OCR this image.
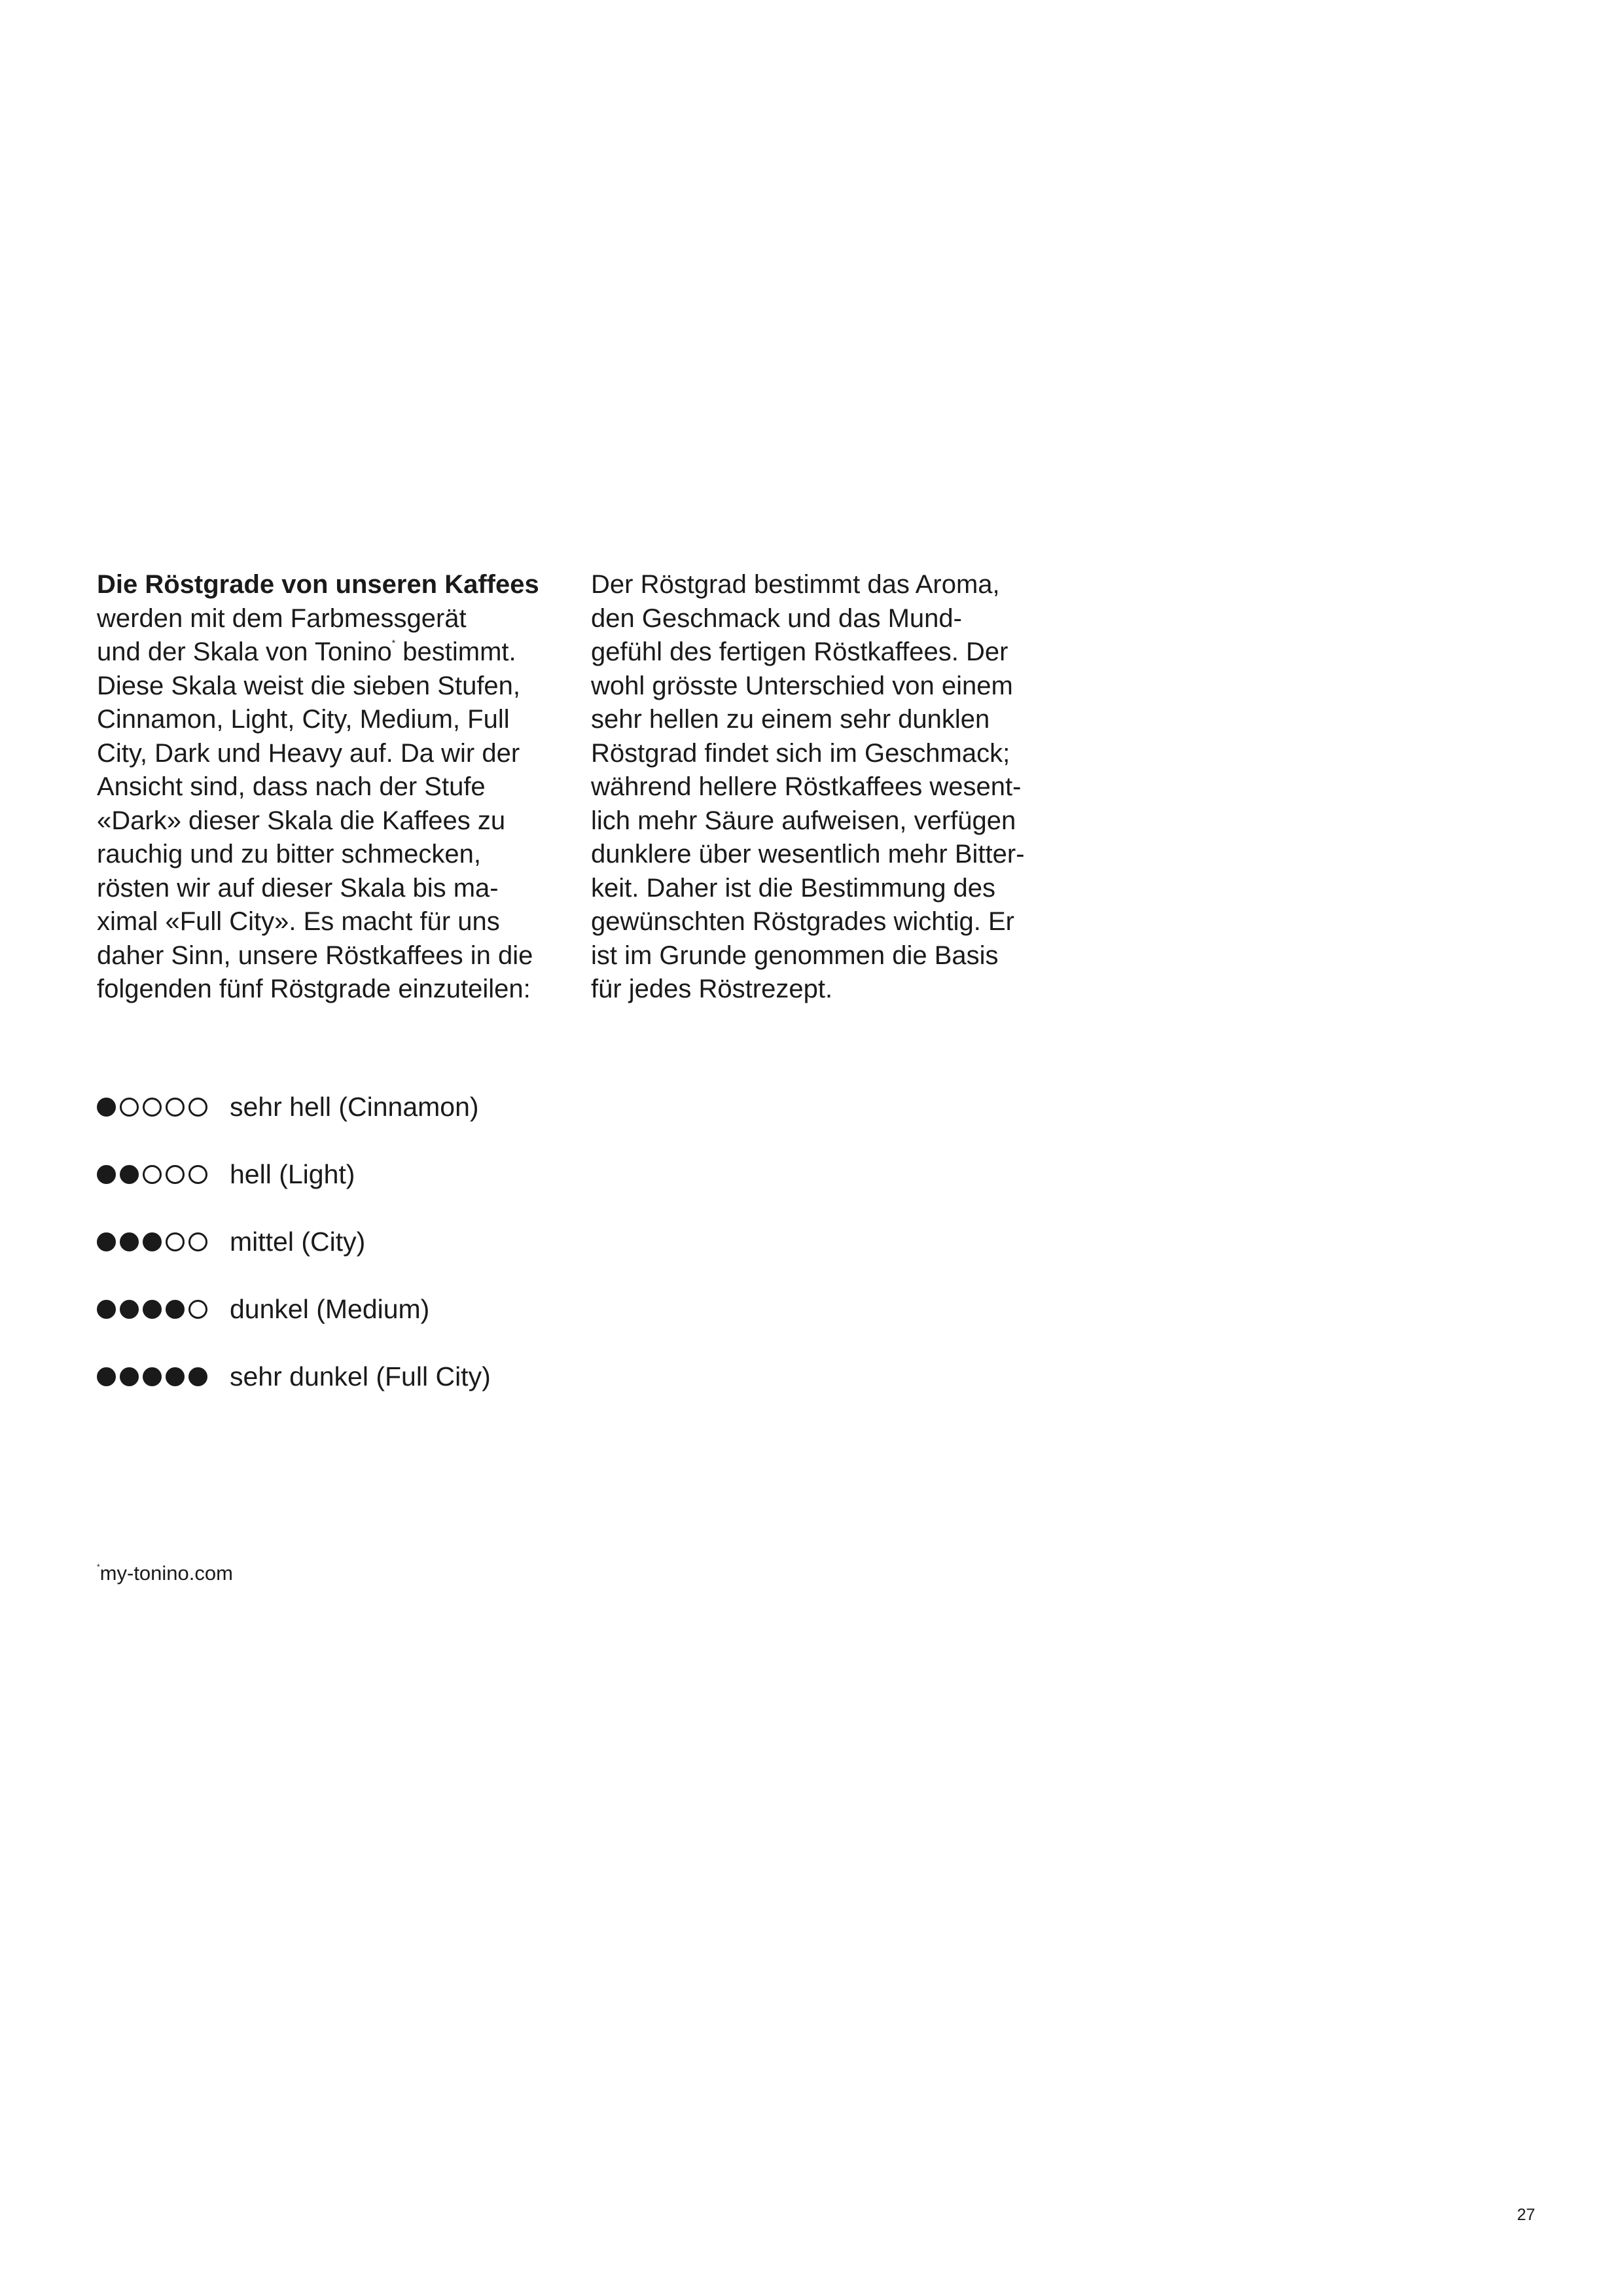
Die Röstgrade von unseren Kaffees
werden mit dem Farbmessgerät
und der Skala von Tonino* bestimmt.
Diese Skala weist die sieben Stufen,
Cinnamon, Light, City, Medium, Full
City, Dark und Heavy auf. Da wir der
Ansicht sind, dass nach der Stufe
«Dark» dieser Skala die Kaffees zu
rauchig und zu bitter schmecken,
rösten wir auf dieser Skala bis ma-
ximal «Full City». Es macht für uns
daher Sinn, unsere Röstkaffees in die
folgenden fünf Röstgrade einzuteilen:
Der Röstgrad bestimmt das Aroma,
den Geschmack und das Mund-
gefühl des fertigen Röstkaffees. Der
wohl grösste Unterschied von einem
sehr hellen zu einem sehr dunklen
Röstgrad findet sich im Geschmack;
während hellere Röstkaffees wesent-
lich mehr Säure aufweisen, verfügen
dunklere über wesentlich mehr Bitter-
keit. Daher ist die Bestimmung des
gewünschten Röstgrades wichtig. Er
ist im Grunde genommen die Basis
für jedes Röstrezept.
sehr hell (Cinnamon)
hell (Light)
mittel (City)
dunkel (Medium)
sehr dunkel (Full City)
*my-tonino.com
27
